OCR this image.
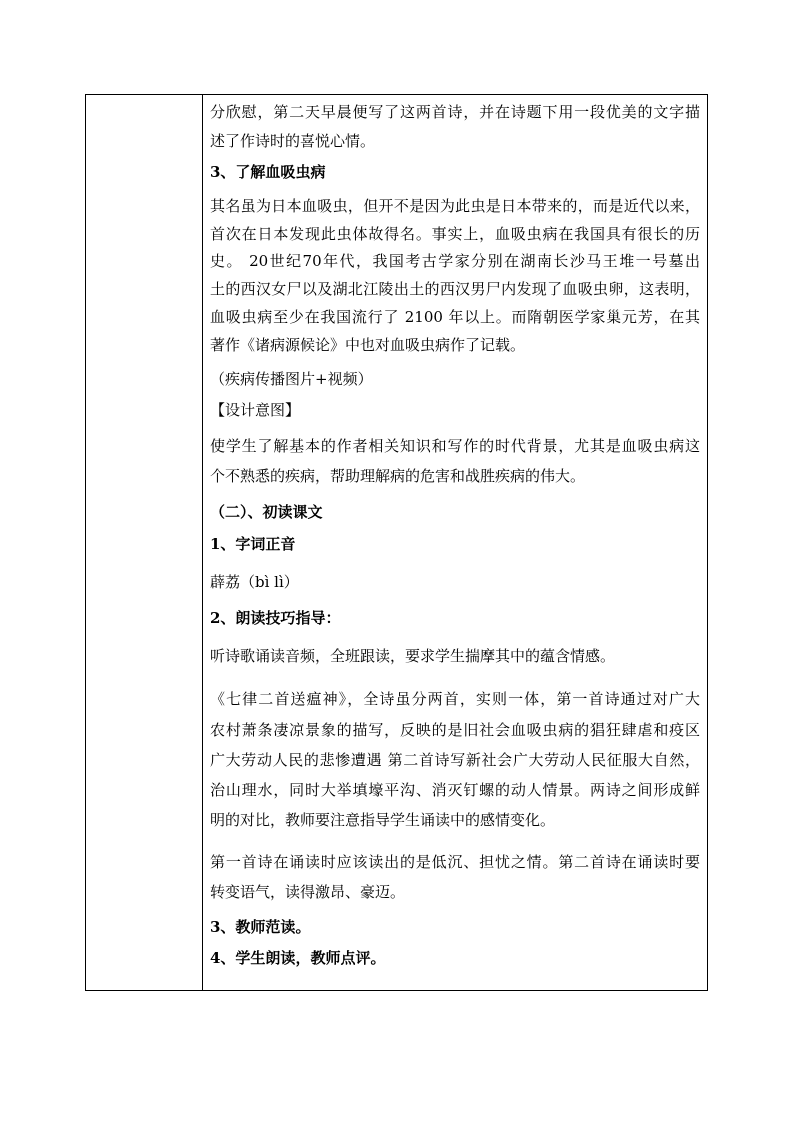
分欣慰，第二天早晨便写了这两首诗，并在诗题下用一段优美的文字描
述了作诗时的喜悦心情。
3、了解血吸虫病
其名虽为日本血吸虫，但开不是因为此虫是日本带来的，而是近代以来，
首次在日本发现此虫体故得名。事实上，血吸虫病在我国具有很长的历
史。 20世纪70年代，我国考古学家分别在湖南长沙马王堆一号墓出
土的西汉女尸以及湖北江陵出土的西汉男尸内发现了血吸虫卵，这表明，
血吸虫病至少在我国流行了 2100 年以上。而隋朝医学家巢元芳，在其
著作《诸病源候论》中也对血吸虫病作了记载。
（疾病传播图片+视频）
【设计意图】
使学生了解基本的作者相关知识和写作的时代背景，尤其是血吸虫病这
个不熟悉的疾病，帮助理解病的危害和战胜疾病的伟大。
（二）、初读课文
1、字词正音
薜荔（bì lì）
2、朗读技巧指导：
听诗歌诵读音频，全班跟读，要求学生揣摩其中的蕴含情感。
《七律二首送瘟神》，全诗虽分两首，实则一体，第一首诗通过对广大
农村萧条凄凉景象的描写，反映的是旧社会血吸虫病的猖狂肆虐和疫区
广大劳动人民的悲惨遭遇 第二首诗写新社会广大劳动人民征服大自然，
治山理水，同时大举填壕平沟、消灭钉螺的动人情景。两诗之间形成鲜
明的对比，教师要注意指导学生诵读中的感情变化。
第一首诗在诵读时应该读出的是低沉、担忧之情。第二首诗在诵读时要
转变语气，读得激昂、豪迈。
3、教师范读。
4、学生朗读，教师点评。
